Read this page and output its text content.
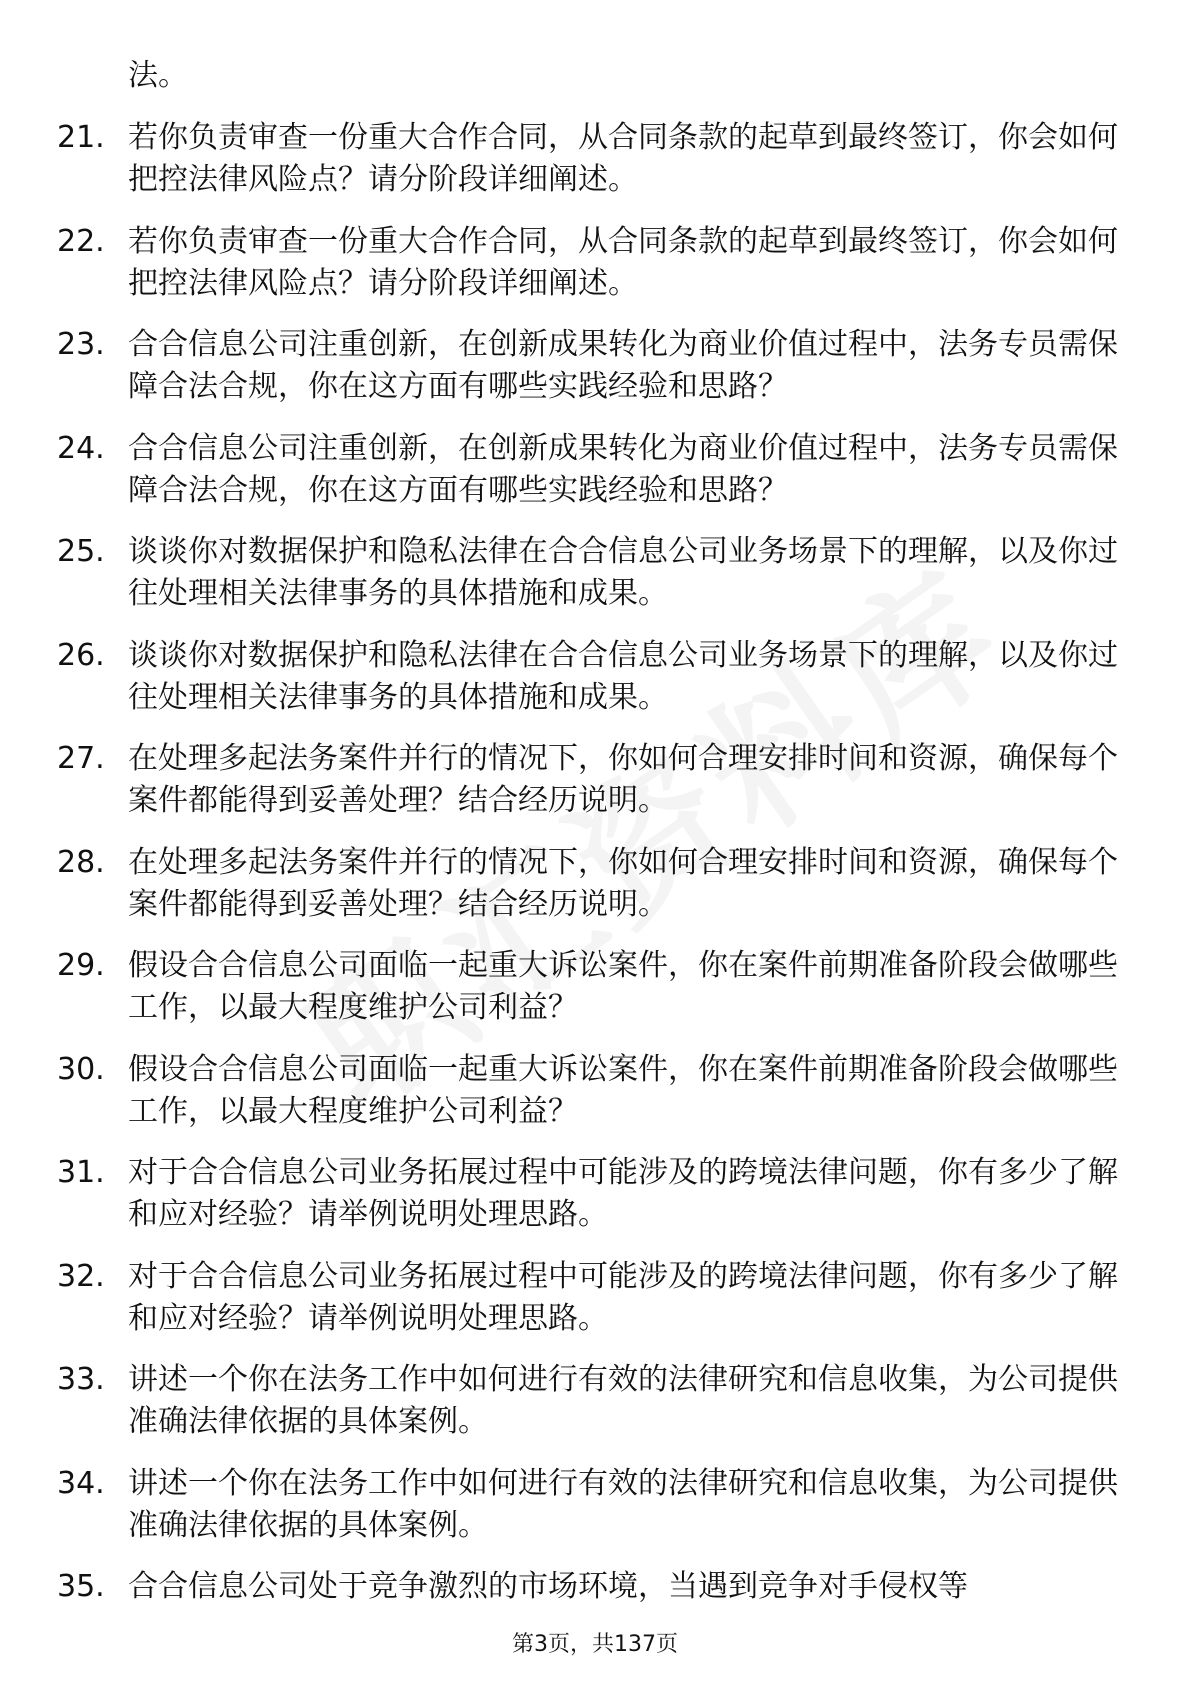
法。
21. 若你负责审查一份重大合作合同，从合同条款的起草到最终签订，你会如何把控法律风险点？请分阶段详细阐述。
22. 若你负责审查一份重大合作合同，从合同条款的起草到最终签订，你会如何把控法律风险点？请分阶段详细阐述。
23. 合合信息公司注重创新，在创新成果转化为商业价值过程中，法务专员需保障合法合规，你在这方面有哪些实践经验和思路？
24. 合合信息公司注重创新，在创新成果转化为商业价值过程中，法务专员需保障合法合规，你在这方面有哪些实践经验和思路？
25. 谈谈你对数据保护和隐私法律在合合信息公司业务场景下的理解，以及你过往处理相关法律事务的具体措施和成果。
26. 谈谈你对数据保护和隐私法律在合合信息公司业务场景下的理解，以及你过往处理相关法律事务的具体措施和成果。
27. 在处理多起法务案件并行的情况下，你如何合理安排时间和资源，确保每个案件都能得到妥善处理？结合经历说明。
28. 在处理多起法务案件并行的情况下，你如何合理安排时间和资源，确保每个案件都能得到妥善处理？结合经历说明。
29. 假设合合信息公司面临一起重大诉讼案件，你在案件前期准备阶段会做哪些工作，以最大程度维护公司利益？
30. 假设合合信息公司面临一起重大诉讼案件，你在案件前期准备阶段会做哪些工作，以最大程度维护公司利益？
31. 对于合合信息公司业务拓展过程中可能涉及的跨境法律问题，你有多少了解和应对经验？请举例说明处理思路。
32. 对于合合信息公司业务拓展过程中可能涉及的跨境法律问题，你有多少了解和应对经验？请举例说明处理思路。
33. 讲述一个你在法务工作中如何进行有效的法律研究和信息收集，为公司提供准确法律依据的具体案例。
34. 讲述一个你在法务工作中如何进行有效的法律研究和信息收集，为公司提供准确法律依据的具体案例。
35. 合合信息公司处于竞争激烈的市场环境，当遇到竞争对手侵权等
第3页，共137页
